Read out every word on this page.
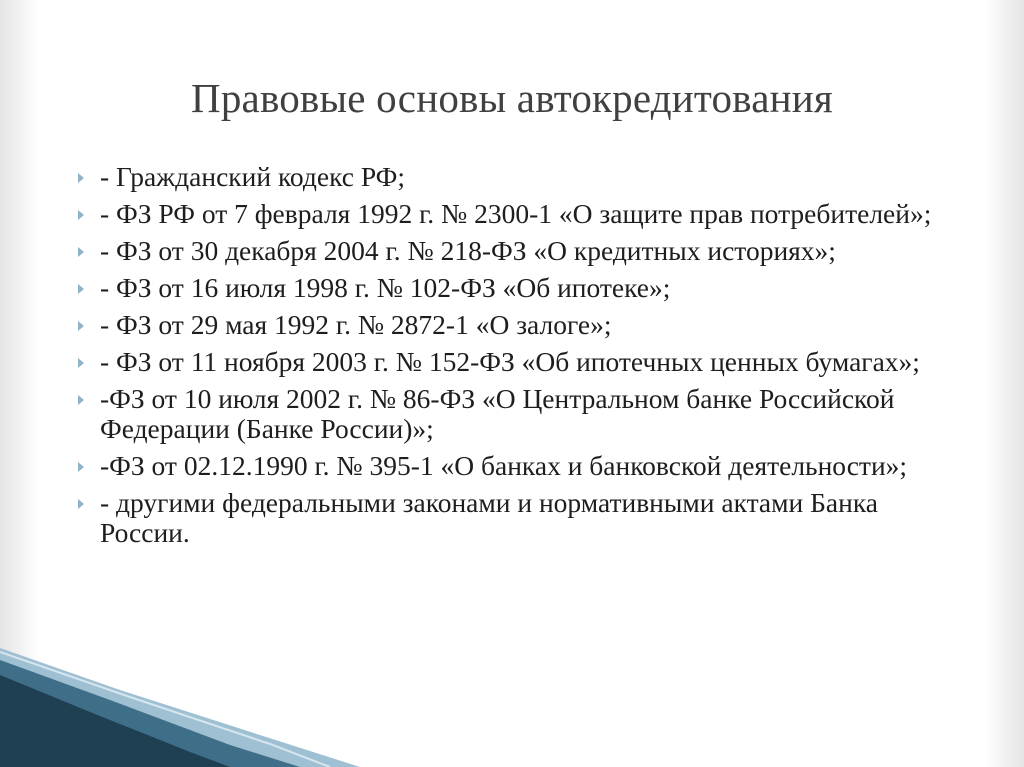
Правовые основы автокредитования
- Гражданский кодекс РФ;
- ФЗ РФ от 7 февраля 1992 г. № 2300-1 «О защите прав потребителей»;
- ФЗ от 30 декабря 2004 г. № 218-ФЗ «О кредитных историях»;
- ФЗ от 16 июля 1998 г. № 102-ФЗ «Об ипотеке»;
- ФЗ от 29 мая 1992 г. № 2872-1 «О залоге»;
- ФЗ от 11 ноября 2003 г. № 152-ФЗ «Об ипотечных ценных бумагах»;
-ФЗ от 10 июля 2002 г. № 86-ФЗ «О Центральном банке Российской Федерации (Банке России)»;
-ФЗ от 02.12.1990 г. № 395-1 «О банках и банковской деятельности»;
- другими федеральными законами и нормативными актами Банка России.
